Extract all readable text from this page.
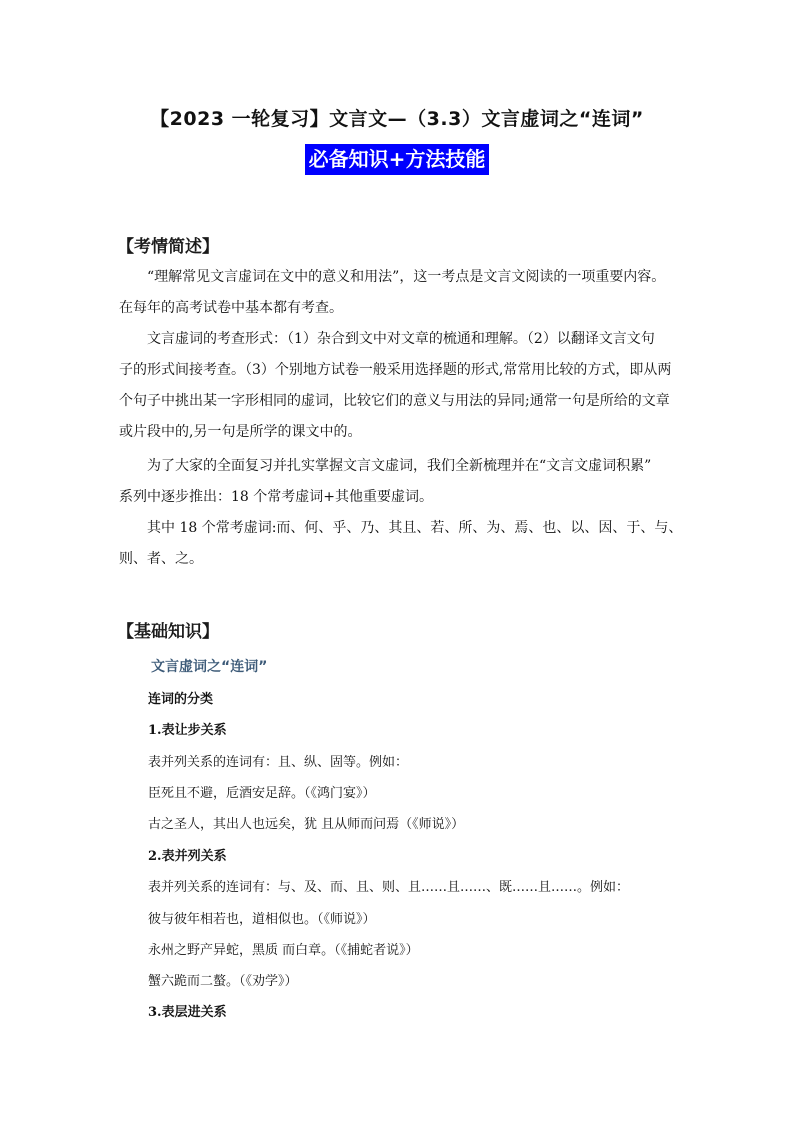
【2023 一轮复习】文言文—（3.3）文言虚词之“连词”
必备知识+方法技能
【考情简述】
“理解常见文言虚词在文中的意义和用法”，这一考点是文言文阅读的一项重要内容。
在每年的高考试卷中基本都有考查。
文言虚词的考查形式：（1）杂合到文中对文章的梳通和理解。（2）以翻译文言文句
子的形式间接考查。（3）个别地方试卷一般采用选择题的形式,常常用比较的方式，即从两
个句子中挑出某一字形相同的虚词，比较它们的意义与用法的异同;通常一句是所给的文章
或片段中的,另一句是所学的课文中的。
为了大家的全面复习并扎实掌握文言文虚词，我们全新梳理并在“文言文虚词积累”
系列中逐步推出：18 个常考虚词+其他重要虚词。
其中 18 个常考虚词:而、何、乎、乃、其且、若、所、为、焉、也、以、因、于、与、
则、者、之。
【基础知识】
文言虚词之“连词”
连词的分类
1.表让步关系
表并列关系的连词有：且、纵、固等。例如：
臣死且不避，卮酒安足辞。（《鸿门宴》）
古之圣人，其出人也远矣，犹 且从师而问焉（《师说》）
2.表并列关系
表并列关系的连词有：与、及、而、且、则、且……且……、既……且……。例如：
彼与彼年相若也，道相似也。（《师说》）
永州之野产异蛇，黑质 而白章。（《捕蛇者说》）
蟹六跪而二螯。（《劝学》）
3.表层进关系
